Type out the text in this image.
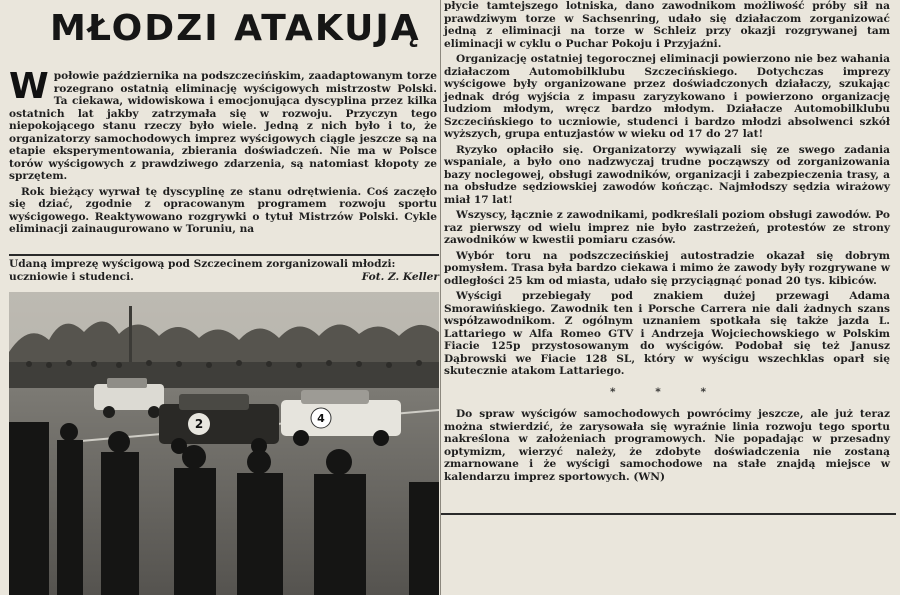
MŁODZI ATAKUJĄ

Wpołowie października na podszczecińskim, zaadaptowanym torze rozegrano ostatnią eliminację wyścigowych mistrzostw Polski. Ta ciekawa, widowiskowa i emocjonująca dyscyplina przez kilka ostatnich lat jakby zatrzymała się w rozwoju. Przyczyn tego niepokojącego stanu rzeczy było wiele. Jedną z nich było i to, że organizatorzy samochodowych imprez wyścigowych ciągle jeszcze są na etapie eksperymentowania, zbierania doświadczeń. Nie ma w Polsce torów wyścigowych z prawdziwego zdarzenia, są natomiast kłopoty ze sprzętem.

Rok bieżący wyrwał tę dyscyplinę ze stanu odrętwienia. Coś zaczęło się dziać, zgodnie z opracowanym programem rozwoju sportu wyścigowego. Reaktywowano rozgrywki o tytuł Mistrzów Polski. Cykle eliminacji zainaugurowano w Toruniu, na

Udaną imprezę wyścigową pod Szczecinem zorganizowali młodzi: uczniowie i studenci.	Fot. Z. Keller
2	4

płycie tamtejszego lotniska, dano zawodnikom możliwość próby sił na prawdziwym torze w Sachsenring, udało się działaczom zorganizować jedną z eliminacji na torze w Schleiz przy okazji rozgrywanej tam eliminacji w cyklu o Puchar Pokoju i Przyjaźni.

Organizację ostatniej tegorocznej eliminacji powierzono nie bez wahania działaczom Automobilklubu Szczecińskiego. Dotychczas imprezy wyścigowe były organizowane przez doświadczonych działaczy, szukając jednak dróg wyjścia z impasu zaryzykowano i powierzono organizację ludziom młodym, wręcz bardzo młodym. Działacze Automobilklubu Szczecińskiego to uczniowie, studenci i bardzo młodzi absolwenci szkół wyższych, grupa entuzjastów w wieku od 17 do 27 lat!

Ryzyko opłaciło się. Organizatorzy wywiązali się ze swego zadania wspaniale, a było ono nadzwyczaj trudne począwszy od zorganizowania bazy noclegowej, obsługi zawodników, organizacji i zabezpieczenia trasy, a na obsłudze sędziowskiej zawodów kończąc. Najmłodszy sędzia wirażowy miał 17 lat!

Wszyscy, łącznie z zawodnikami, podkreślali poziom obsługi zawodów. Po raz pierwszy od wielu imprez nie było zastrzeżeń, protestów ze strony zawodników w kwestii pomiaru czasów.

Wybór toru na podszczecińskiej autostradzie okazał się dobrym pomysłem. Trasa była bardzo ciekawa i mimo że zawody były rozgrywane w odległości 25 km od miasta, udało się przyciągnąć ponad 20 tys. kibiców.

Wyścigi przebiegały pod znakiem dużej przewagi Adama Smorawińskiego. Zawodnik ten i Porsche Carrera nie dali żadnych szans współzawodnikom. Z ogólnym uznaniem spotkała się także jazda L. Lattariego w Alfa Romeo GTV i Andrzeja Wojciechowskiego w Polskim Fiacie 125p przystosowanym do wyścigów. Podobał się też Janusz Dąbrowski we Fiacie 128 SL, który w wyścigu wszechklas oparł się skutecznie atakom Lattariego.

* * *

Do spraw wyścigów samochodowych powrócimy jeszcze, ale już teraz można stwierdzić, że zarysowała się wyraźnie linia rozwoju tego sportu nakreślona w założeniach programowych. Nie popadając w przesadny optymizm, wierzyć należy, że zdobyte doświadczenia nie zostaną zmarnowane i że wyścigi samochodowe na stałe znajdą miejsce w kalendarzu imprez sportowych. (WN)
